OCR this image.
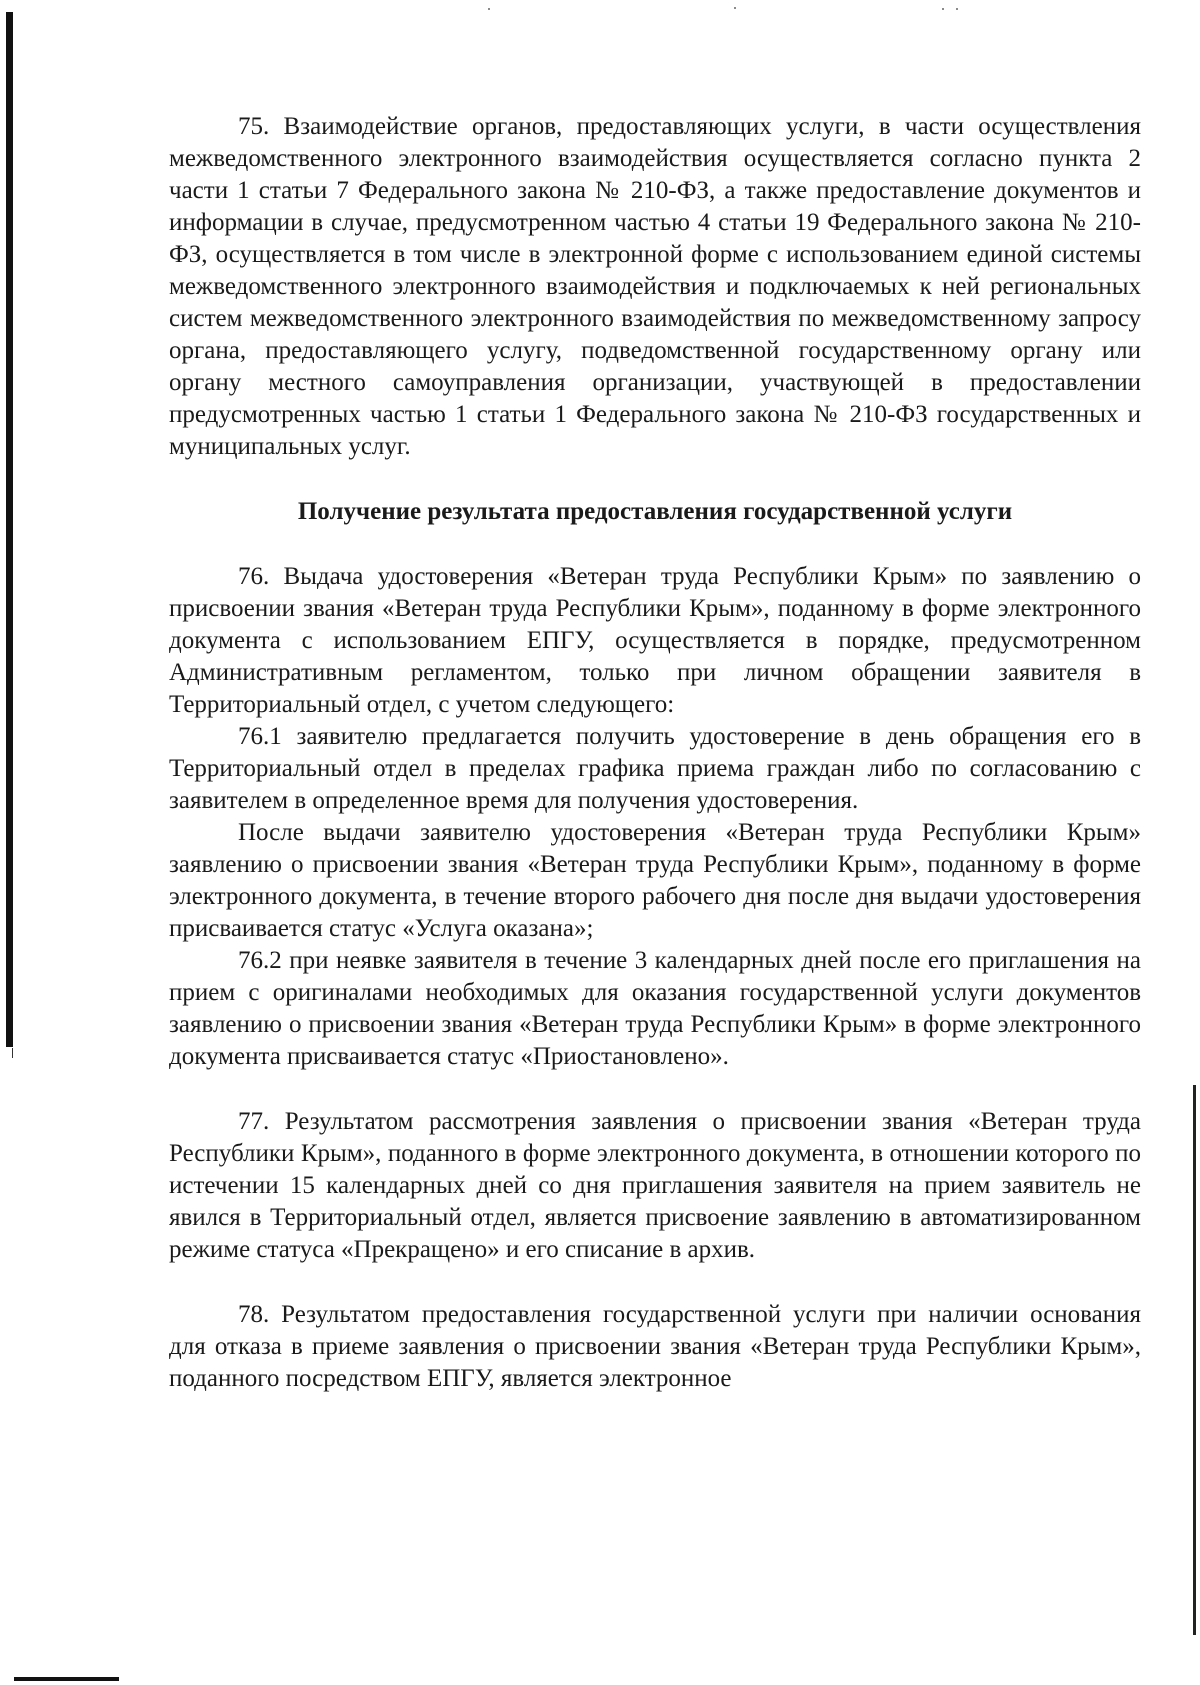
75. Взаимодействие органов, предоставляющих услуги, в части осуществления межведомственного электронного взаимодействия осуществляется согласно пункта 2 части 1 статьи 7 Федерального закона № 210-ФЗ, а также предоставление документов и информации в случае, предусмотренном частью 4 статьи 19 Федерального закона № 210-ФЗ, осуществляется в том числе в электронной форме с использованием единой системы межведомственного электронного взаимодействия и подключаемых к ней региональных систем межведомственного электронного взаимодействия по межведомственному запросу органа, предоставляющего услугу, подведомственной государственному органу или органу местного самоуправления организации, участвующей в предоставлении предусмотренных частью 1 статьи 1 Федерального закона № 210-ФЗ государственных и муниципальных услуг.

Получение результата предоставления государственной услуги

76. Выдача удостоверения «Ветеран труда Республики Крым» по заявлению о присвоении звания «Ветеран труда Республики Крым», поданному в форме электронного документа с использованием ЕПГУ, осуществляется в порядке, предусмотренном Административным регламентом, только при личном обращении заявителя в Территориальный отдел, с учетом следующего:

76.1 заявителю предлагается получить удостоверение в день обращения его в Территориальный отдел в пределах графика приема граждан либо по согласованию с заявителем в определенное время для получения удостоверения.

После выдачи заявителю удостоверения «Ветеран труда Республики Крым» заявлению о присвоении звания «Ветеран труда Республики Крым», поданному в форме электронного документа, в течение второго рабочего дня после дня выдачи удостоверения присваивается статус «Услуга оказана»;

76.2 при неявке заявителя в течение 3 календарных дней после его приглашения на прием с оригиналами необходимых для оказания государственной услуги документов заявлению о присвоении звания «Ветеран труда Республики Крым» в форме электронного документа присваивается статус «Приостановлено».

77. Результатом рассмотрения заявления о присвоении звания «Ветеран труда Республики Крым», поданного в форме электронного документа, в отношении которого по истечении 15 календарных дней со дня приглашения заявителя на прием заявитель не явился в Территориальный отдел, является присвоение заявлению в автоматизированном режиме статуса «Прекращено» и его списание в архив.

78. Результатом предоставления государственной услуги при наличии основания для отказа в приеме заявления о присвоении звания «Ветеран труда Республики Крым», поданного посредством ЕПГУ, является электронное
